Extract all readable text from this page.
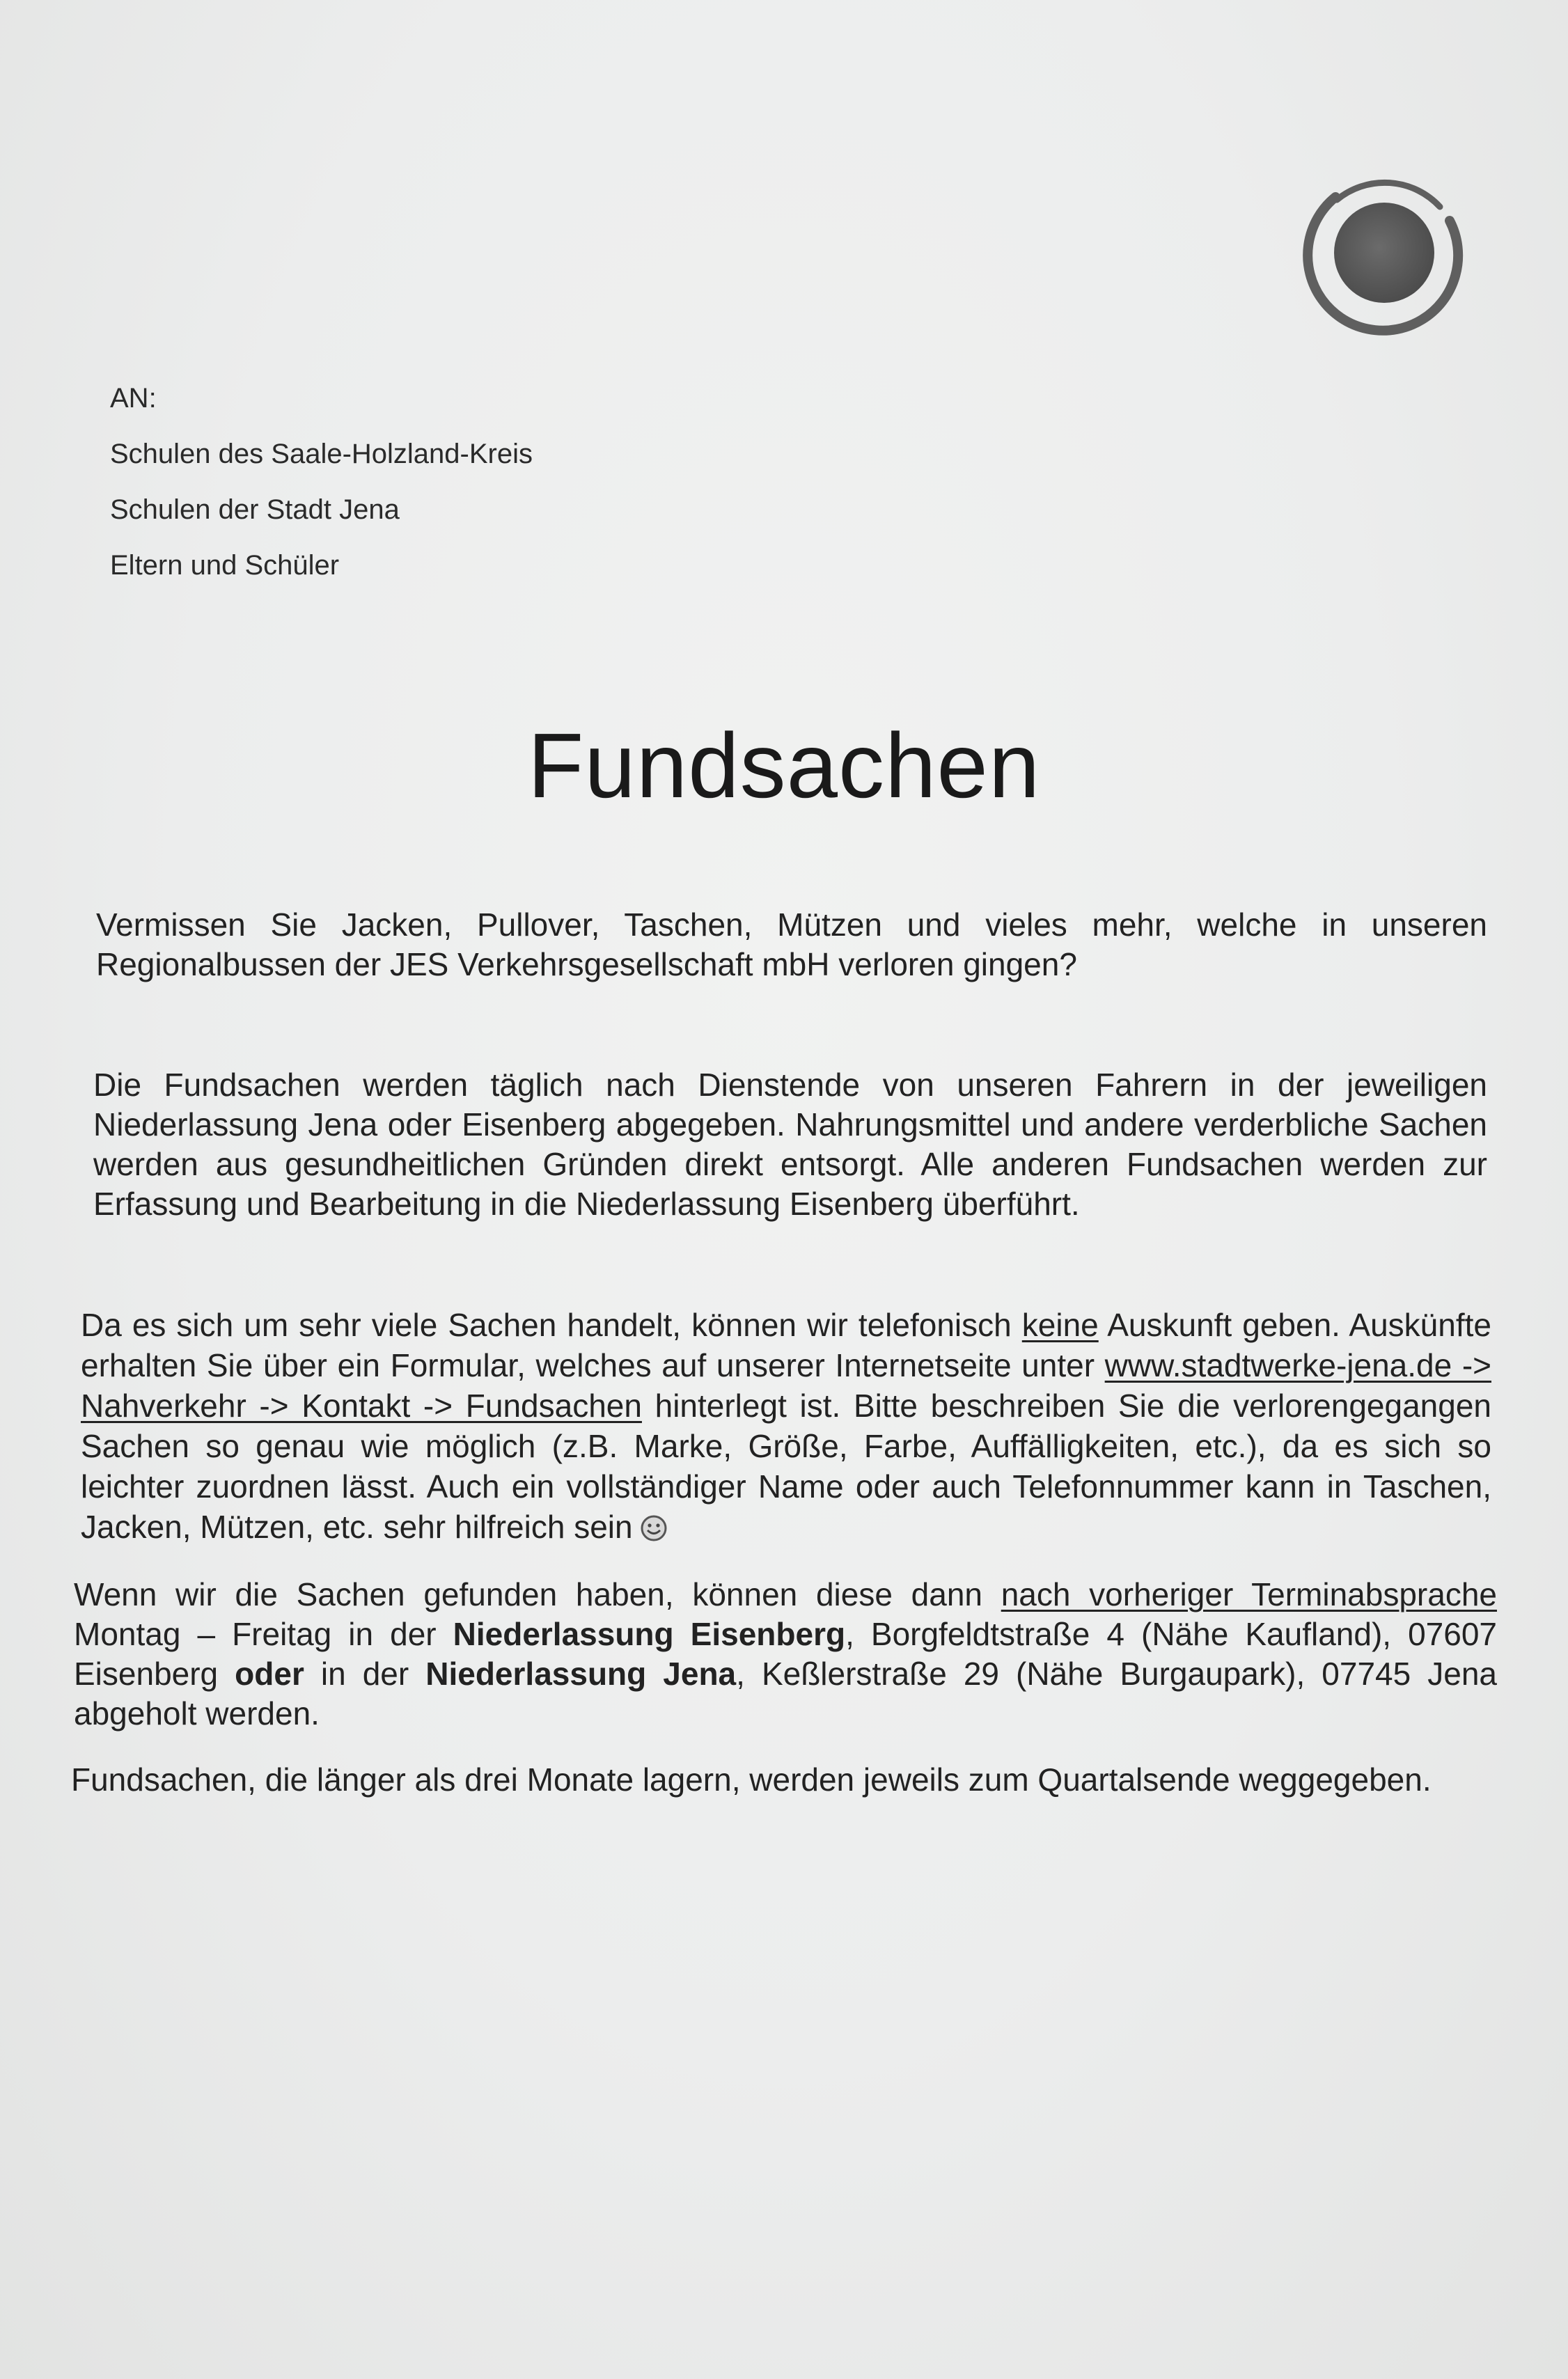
AN:
Schulen des Saale-Holzland-Kreis
Schulen der Stadt Jena
Eltern und Schüler
Fundsachen
Vermissen Sie Jacken, Pullover, Taschen, Mützen und vieles mehr, welche in unseren Regionalbussen der JES Verkehrsgesellschaft mbH verloren gingen?
Die Fundsachen werden täglich nach Dienstende von unseren Fahrern in der jeweiligen Niederlassung Jena oder Eisenberg abgegeben. Nahrungsmittel und andere verderbliche Sachen werden aus gesundheitlichen Gründen direkt entsorgt. Alle anderen Fundsachen werden zur Erfassung und Bearbeitung in die Niederlassung Eisenberg überführt.
Da es sich um sehr viele Sachen handelt, können wir telefonisch keine Auskunft geben. Auskünfte erhalten Sie über ein Formular, welches auf unserer Internetseite unter www.stadtwerke-jena.de -> Nahverkehr -> Kontakt -> Fundsachen hinterlegt ist. Bitte beschreiben Sie die verlorengegangen Sachen so genau wie möglich (z.B. Marke, Größe, Farbe, Auffälligkeiten, etc.), da es sich so leichter zuordnen lässt. Auch ein vollständiger Name oder auch Telefonnummer kann in Taschen, Jacken, Mützen, etc. sehr hilfreich sein
Wenn wir die Sachen gefunden haben, können diese dann nach vorheriger Terminabsprache Montag – Freitag in der Niederlassung Eisenberg, Borgfeldtstraße 4 (Nähe Kaufland), 07607 Eisenberg oder in der Niederlassung Jena, Keßlerstraße 29 (Nähe Burgaupark), 07745 Jena abgeholt werden.
Fundsachen, die länger als drei Monate lagern, werden jeweils zum Quartalsende weggegeben.
